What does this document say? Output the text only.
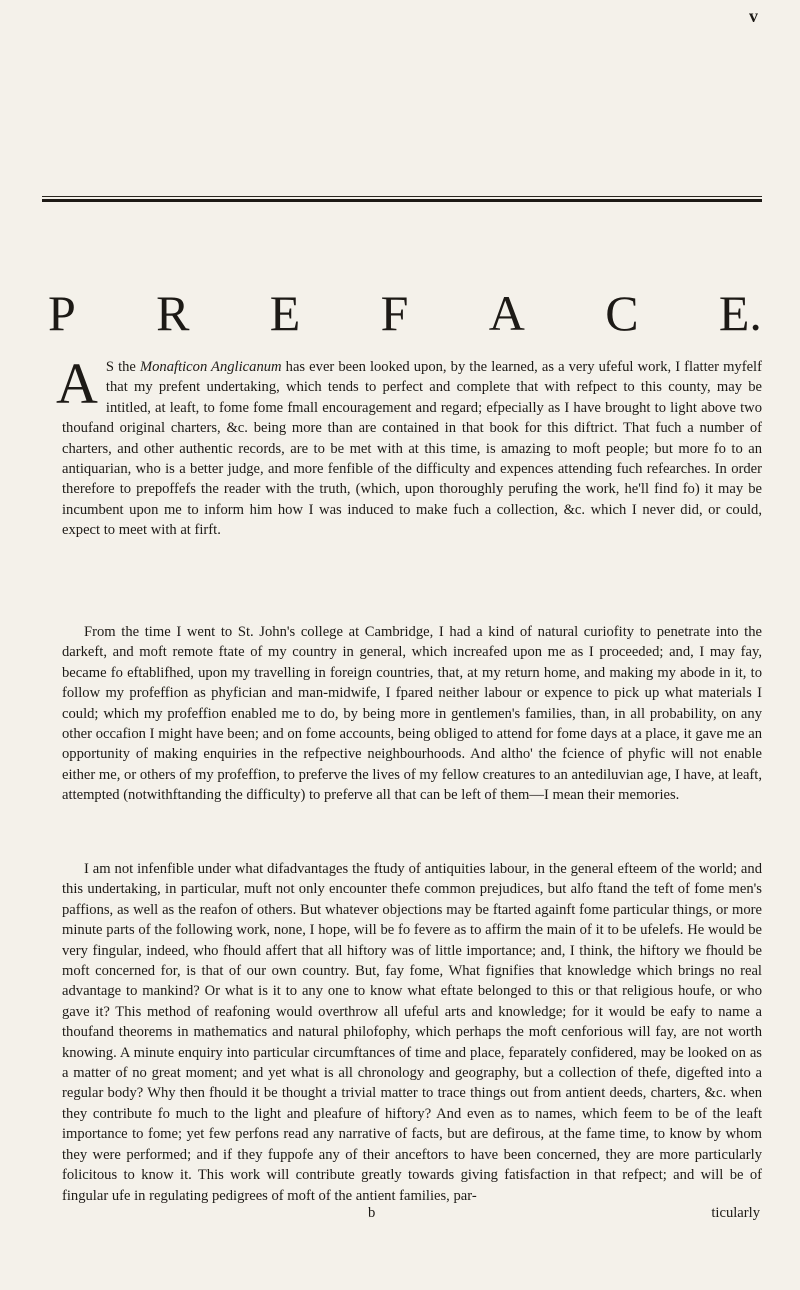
v
P R E F A C E.

A S the Monafticon Anglicanum has ever been looked upon, by the learned, as a very ufeful work, I flatter myfelf that my prefent undertaking, which tends to perfect and complete that with refpect to this county, may be intitled, at leaft, to fome fome fmall encouragement and regard; efpecially as I have brought to light above two thoufand original charters, &c. being more than are contained in that book for this diftrict. That fuch a number of charters, and other authentic records, are to be met with at this time, is amazing to moft people; but more fo to an antiquarian, who is a better judge, and more fenfible of the difficulty and expences attending fuch refearches. In order therefore to prepoffefs the reader with the truth, (which, upon thoroughly perufing the work, he'll find fo) it may be incumbent upon me to inform him how I was induced to make fuch a collection, &c. which I never did, or could, expect to meet with at firft.

From the time I went to St. John's college at Cambridge, I had a kind of natural curiofity to penetrate into the darkeft, and moft remote ftate of my country in general, which increafed upon me as I proceeded; and, I may fay, became fo eftablifhed, upon my travelling in foreign countries, that, at my return home, and making my abode in it, to follow my profeffion as phyfician and man-midwife, I fpared neither labour or expence to pick up what materials I could; which my profeffion enabled me to do, by being more in gentlemen's families, than, in all probability, on any other occafion I might have been; and on fome accounts, being obliged to attend for fome days at a place, it gave me an opportunity of making enquiries in the refpective neighbourhoods. And altho' the fcience of phyfic will not enable either me, or others of my profeffion, to preferve the lives of my fellow creatures to an antediluvian age, I have, at leaft, attempted (notwithftanding the difficulty) to preferve all that can be left of them—I mean their memories.

I am not infenfible under what difadvantages the ftudy of antiquities labour, in the general efteem of the world; and this undertaking, in particular, muft not only encounter thefe common prejudices, but alfo ftand the teft of fome men's paffions, as well as the reafon of others. But whatever objections may be ftarted againft fome particular things, or more minute parts of the following work, none, I hope, will be fo fevere as to affirm the main of it to be ufelefs. He would be very fingular, indeed, who fhould affert that all hiftory was of little importance; and, I think, the hiftory we fhould be moft concerned for, is that of our own country. But, fay fome, What fignifies that knowledge which brings no real advantage to mankind? Or what is it to any one to know what eftate belonged to this or that religious houfe, or who gave it? This method of reafoning would overthrow all ufeful arts and knowledge; for it would be eafy to name a thoufand theorems in mathematics and natural philofophy, which perhaps the moft cenforious will fay, are not worth knowing. A minute enquiry into particular circumftances of time and place, feparately confidered, may be looked on as a matter of no great moment; and yet what is all chronology and geography, but a collection of thefe, digefted into a regular body? Why then fhould it be thought a trivial matter to trace things out from antient deeds, charters, &c. when they contribute fo much to the light and pleafure of hiftory? And even as to names, which feem to be of the leaft importance to fome; yet few perfons read any narrative of facts, but are defirous, at the fame time, to know by whom they were performed; and if they fuppofe any of their anceftors to have been concerned, they are more particularly folicitous to know it. This work will contribute greatly towards giving fatisfaction in that refpect; and will be of fingular ufe in regulating pedigrees of moft of the antient families, par-

b	ticularly
